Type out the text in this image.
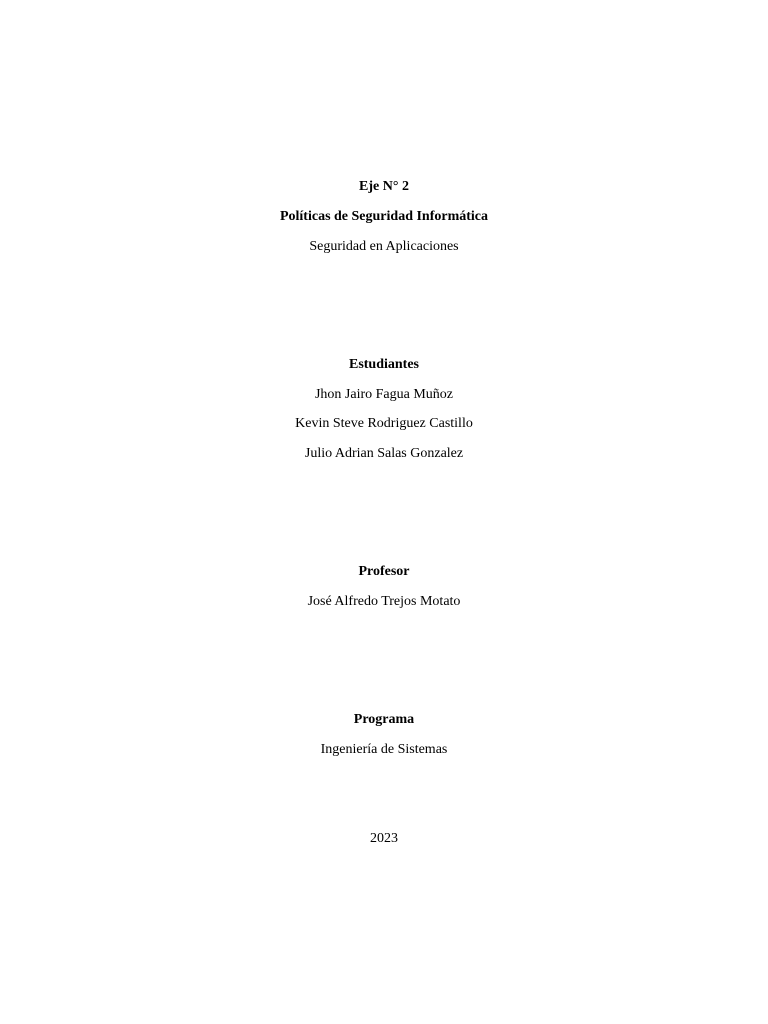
Eje N° 2
Políticas de Seguridad Informática
Seguridad en Aplicaciones
Estudiantes
Jhon Jairo Fagua Muñoz
Kevin Steve Rodriguez Castillo
Julio Adrian Salas Gonzalez
Profesor
José Alfredo Trejos Motato
Programa
Ingeniería de Sistemas
2023
